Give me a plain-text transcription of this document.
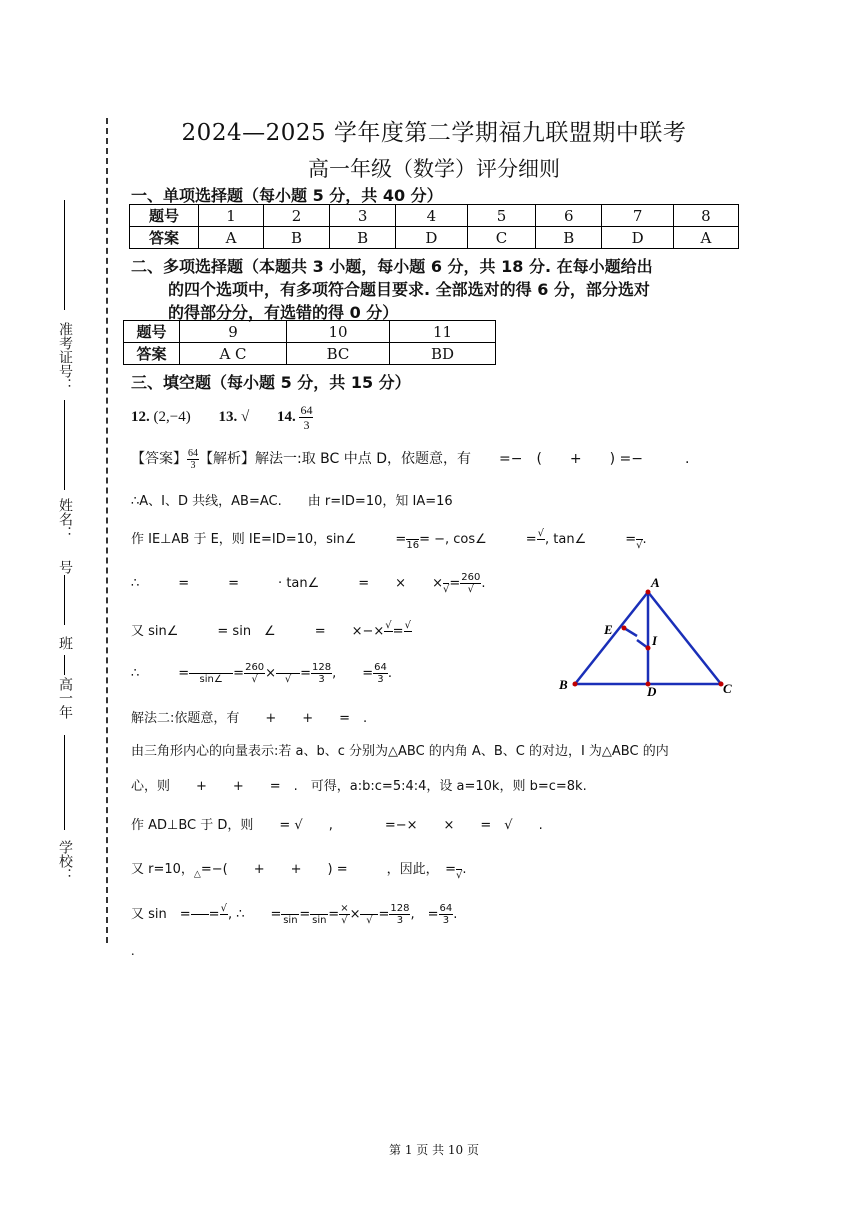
准考证号：
姓名：
号
班
高一年
学校：
2024—2025 学年度第二学期福九联盟期中联考
高一年级（数学）评分细则
一、单项选择题（每小题 5 分，共 40 分）
题号	1	2	3	4	5	6	7	8
答案	A	B	B	D	C	B	D	A
二、多项选择题（本题共 3 小题，每小题 6 分，共 18 分. 在每小题给出
的四个选项中，有多项符合题目要求. 全部选对的得 6 分，部分选对
的得部分分，有选错的得 0 分）
题号	9	10	11
答案	A C	BC	BD
三、填空题（每小题 5 分，共 15 分）
12. (2,−4) 13. √ 14. $\frac{64}{3}$
【答案】 $\frac{64}{3}$ 【解析】解法一:取 BC 中点 D，依题意，有　　=−　(　　+　　) =−　　　.
∴A、I、D 共线，AB=AC.　　由 r=ID=10，知 IA=16
作 IE⊥AB 于 E，则 IE=ID=10，sin∠　　　= 16 = −, cos∠　　　= √ , tan∠　　　= √ .
∴　　　=　　　=　　　· tan∠　　　=　　×　　× √ = $\frac{260}{√}$ .
又 sin∠　　　= sin　∠　　　=　　×−× √ = √
∴　　　=	sin∠ = $\frac{260}{√}$ × √ = $\frac{128}{3}$ ,　　= $\frac{64}{3}$ .
解法二:依题意，有　　+　　+　　=　.
由三角形内心的向量表示:若 a、b、c 分别为△ABC 的内角 A、B、C 的对边，I 为△ABC 的内
心，则　　+　　+　　=　.　可得，a:b:c=5:4:4，设 a=10k，则 b=c=8k.
作 AD⊥BC 于 D，则　　= √　　,　　　　=−×　　×　　=　√　　.
又 r=10，$_\triangle$=−(　　+　　+　　) =　　　，因此，　= √ .
又 sin　= = √ , ∴　　= $\sin = \sin = \frac{\times}{√}$ × √ = $\frac{128}{3}$ ,　= $\frac{64}{3}$ .
.
A
B	C
D
E
I
第 1 页 共 10 页
